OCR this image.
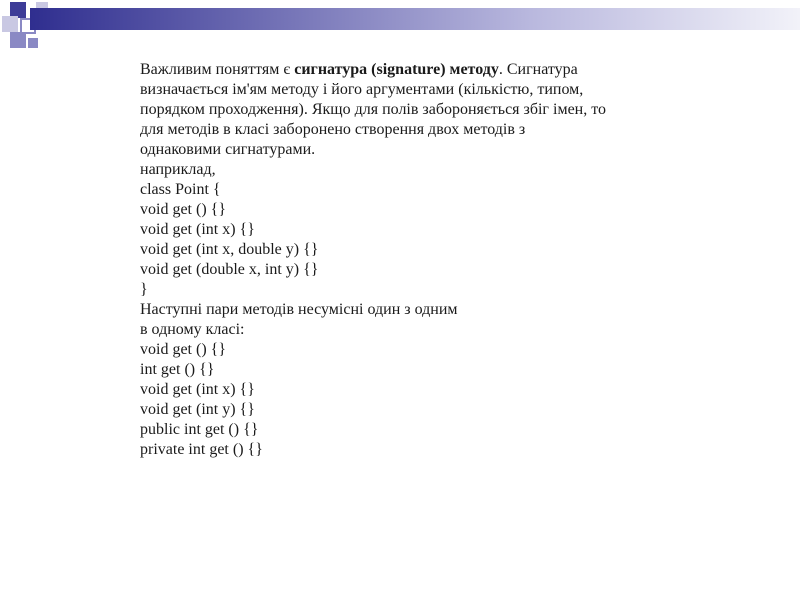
Важливим поняттям є сигнатура (signature) методу. Сигнатура
визначається ім'ям методу і його аргументами (кількістю, типом,
порядком проходження). Якщо для полів забороняється збіг імен, то
для методів в класі заборонено створення двох методів з
однаковими сигнатурами.
наприклад,
class Point {
void get () {}
void get (int x) {}
void get (int x, double y) {}
void get (double x, int y) {}
}
Наступні пари методів несумісні один з одним
в одному класі:
void get () {}
int get () {}
void get (int x) {}
void get (int y) {}
public int get () {}
private int get () {}
